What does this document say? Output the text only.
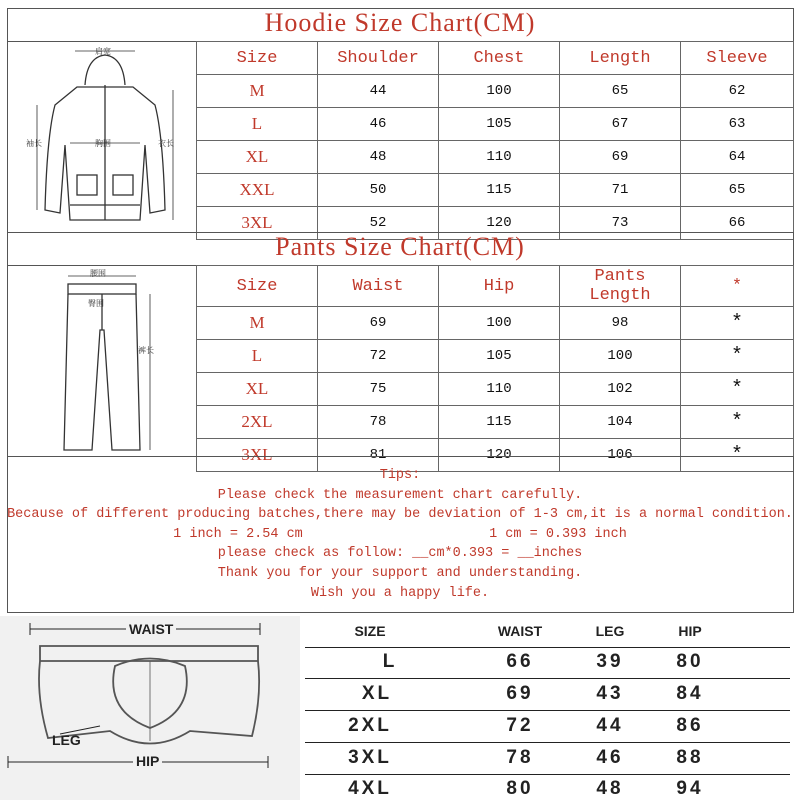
Hoodie Size Chart(CM)
肩宽
胸围
袖长	衣长
Size	Shoulder	Chest	Length	Sleeve
M	44	100	65	62
L	46	105	67	63
XL	48	110	69	64
XXL	50	115	71	65
3XL	52	120	73	66
Pants Size Chart(CM)
腰围
臀围
裤长
Size	Waist	Hip	Pants Length	*
M	69	100	98	*
L	72	105	100	*
XL	75	110	102	*
2XL	78	115	104	*
3XL	81	120	106	*
Tips:
Please check the measurement chart carefully.
Because of different producing batches,there may be deviation of 1-3 cm,it is a normal condition.
1 inch = 2.54 cm                       1 cm = 0.393 inch
please check as follow: __cm*0.393 = __inches
Thank you for your support and understanding.
Wish you a happy life.
WAIST
LEG
HIP
SIZE	WAIST	LEG	HIP
L	66	39	80
XL	69	43	84
2XL	72	44	86
3XL	78	46	88
4XL	80	48	94
